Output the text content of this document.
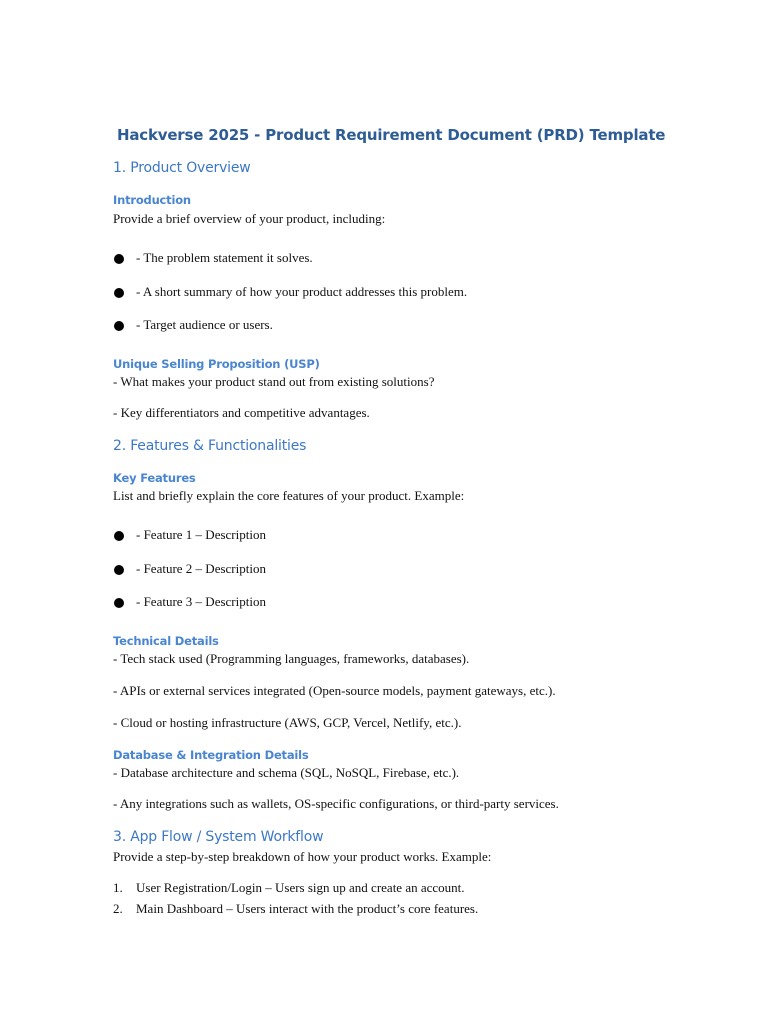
Hackverse 2025 - Product Requirement Document (PRD) Template
1. Product Overview
Introduction
Provide a brief overview of your product, including:
- The problem statement it solves.
- A short summary of how your product addresses this problem.
- Target audience or users.
Unique Selling Proposition (USP)
- What makes your product stand out from existing solutions?
- Key differentiators and competitive advantages.
2. Features & Functionalities
Key Features
List and briefly explain the core features of your product. Example:
- Feature 1 – Description
- Feature 2 – Description
- Feature 3 – Description
Technical Details
- Tech stack used (Programming languages, frameworks, databases).
- APIs or external services integrated (Open-source models, payment gateways, etc.).
- Cloud or hosting infrastructure (AWS, GCP, Vercel, Netlify, etc.).
Database & Integration Details
- Database architecture and schema (SQL, NoSQL, Firebase, etc.).
- Any integrations such as wallets, OS-specific configurations, or third-party services.
3. App Flow / System Workflow
Provide a step-by-step breakdown of how your product works. Example:
1. User Registration/Login – Users sign up and create an account.
2. Main Dashboard – Users interact with the product’s core features.
